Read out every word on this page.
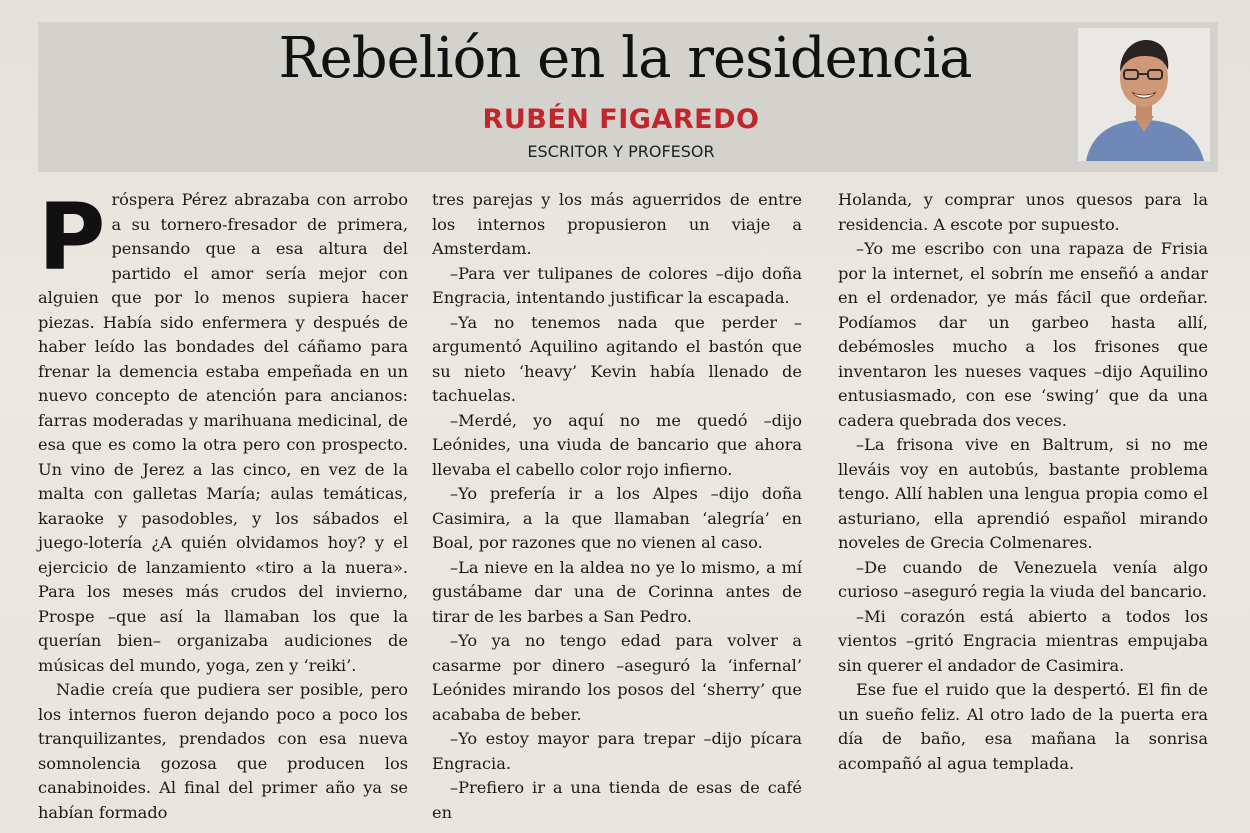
Rebelión en la residencia
RUBÉN FIGAREDO
ESCRITOR Y PROFESOR
P róspera Pérez abrazaba con arrobo a su tornero-fresador de primera, pensando que a esa altura del partido el amor sería mejor con alguien que por lo menos supiera hacer piezas. Había sido enfermera y después de haber leído las bondades del cáñamo para frenar la demencia estaba empeñada en un nuevo concepto de atención para ancianos: farras moderadas y marihuana medicinal, de esa que es como la otra pero con prospecto. Un vino de Jerez a las cinco, en vez de la malta con galletas María; aulas temáticas, karaoke y pasodobles, y los sábados el juego-lotería ¿A quién olvidamos hoy? y el ejercicio de lanzamiento «tiro a la nuera». Para los meses más crudos del invierno, Prospe –que así la llamaban los que la querían bien– organizaba audiciones de músicas del mundo, yoga, zen y ‘reiki’.

Nadie creía que pudiera ser posible, pero los internos fueron dejando poco a poco los tranquilizantes, prendados con esa nueva somnolencia gozosa que producen los canabinoides. Al final del primer año ya se habían formado

tres parejas y los más aguerridos de entre los internos propusieron un viaje a Amsterdam.

–Para ver tulipanes de colores –dijo doña Engracia, intentando justificar la escapada.

–Ya no tenemos nada que perder –argumentó Aquilino agitando el bastón que su nieto ‘heavy’ Kevin había llenado de tachuelas.

–Merdé, yo aquí no me quedó –dijo Leónides, una viuda de bancario que ahora llevaba el cabello color rojo infierno.

–Yo prefería ir a los Alpes –dijo doña Casimira, a la que llamaban ‘alegría’ en Boal, por razones que no vienen al caso.

–La nieve en la aldea no ye lo mismo, a mí gustábame dar una de Corinna antes de tirar de les barbes a San Pedro.

–Yo ya no tengo edad para volver a casarme por dinero –aseguró la ‘infernal’ Leónides mirando los posos del ‘sherry’ que acababa de beber.

–Yo estoy mayor para trepar –dijo pícara Engracia.

–Prefiero ir a una tienda de esas de café en

Holanda, y comprar unos quesos para la residencia. A escote por supuesto.

–Yo me escribo con una rapaza de Frisia por la internet, el sobrín me enseñó a andar en el ordenador, ye más fácil que ordeñar. Podíamos dar un garbeo hasta allí, debémosles mucho a los frisones que inventaron les nueses vaques –dijo Aquilino entusiasmado, con ese ‘swing’ que da una cadera quebrada dos veces.

–La frisona vive en Baltrum, si no me lleváis voy en autobús, bastante problema tengo. Allí hablen una lengua propia como el asturiano, ella aprendió español mirando noveles de Grecia Colmenares.

–De cuando de Venezuela venía algo curioso –aseguró regia la viuda del bancario.

–Mi corazón está abierto a todos los vientos –gritó Engracia mientras empujaba sin querer el andador de Casimira.

Ese fue el ruido que la despertó. El fin de un sueño feliz. Al otro lado de la puerta era día de baño, esa mañana la sonrisa acompañó al agua templada.
